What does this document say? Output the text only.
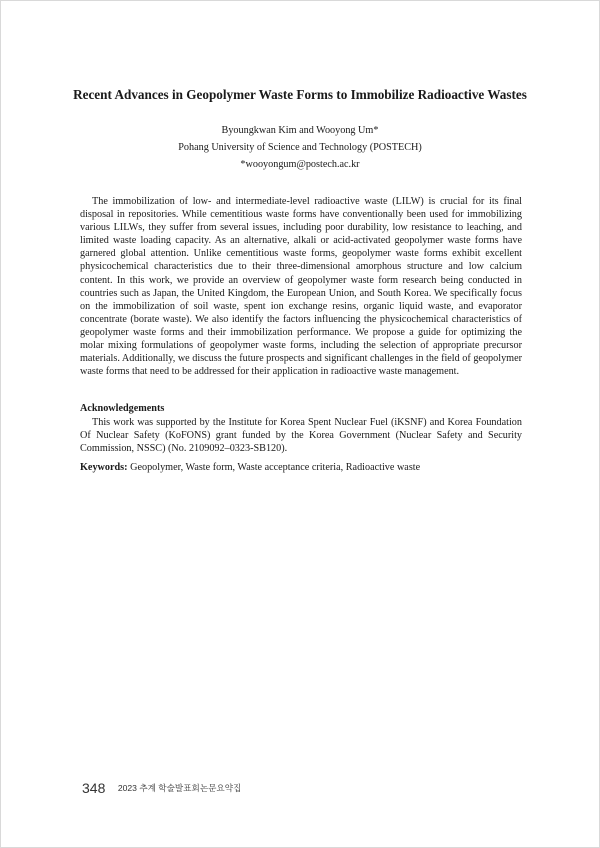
Recent Advances in Geopolymer Waste Forms to Immobilize Radioactive Wastes
Byoungkwan Kim and Wooyong Um*
Pohang University of Science and Technology (POSTECH)
*wooyongum@postech.ac.kr

The immobilization of low- and intermediate-level radioactive waste (LILW) is crucial for its final disposal in repositories. While cementitious waste forms have conventionally been used for immobilizing various LILWs, they suffer from several issues, including poor durability, low resistance to leaching, and limited waste loading capacity. As an alternative, alkali or acid-activated geopolymer waste forms have garnered global attention. Unlike cementitious waste forms, geopolymer waste forms exhibit excellent physicochemical characteristics due to their three-dimensional amorphous structure and low calcium content. In this work, we provide an overview of geopolymer waste form research being conducted in countries such as Japan, the United Kingdom, the European Union, and South Korea. We specifically focus on the immobilization of soil waste, spent ion exchange resins, organic liquid waste, and evaporator concentrate (borate waste). We also identify the factors influencing the physicochemical characteristics of geopolymer waste forms and their immobilization performance. We propose a guide for optimizing the molar mixing formulations of geopolymer waste forms, including the selection of appropriate precursor materials. Additionally, we discuss the future prospects and significant challenges in the field of geopolymer waste forms that need to be addressed for their application in radioactive waste management.

Acknowledgements

This work was supported by the Institute for Korea Spent Nuclear Fuel (iKSNF) and Korea Foundation Of Nuclear Safety (KoFONS) grant funded by the Korea Government (Nuclear Safety and Security Commission, NSSC) (No. 2109092–0323-SB120).

Keywords: Geopolymer, Waste form, Waste acceptance criteria, Radioactive waste
348 2023 추계 학술발표회논문요약집
